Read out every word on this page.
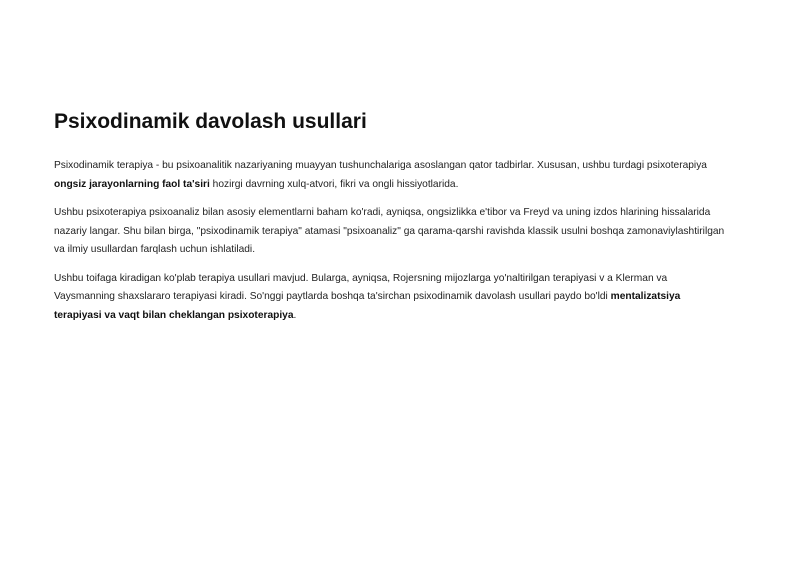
Psixodinamik davolash usullari

Psixodinamik terapiya - bu psixoanalitik nazariyaning muayyan tushunchalariga asoslangan qator tadbirlar. Xususan, ushbu turdagi psixoterapiya ongsiz jarayonlarning faol ta'siri hozirgi davrning xulq-atvori, fikri va ongli hissiyotlarida.

Ushbu psixoterapiya psixoanaliz bilan asosiy elementlarni baham ko'radi, ayniqsa, ongsizlikka e'tibor va Freyd va uning izdos hlarining hissalarida nazariy langar. Shu bilan birga, "psixodinamik terapiya" atamasi "psixoanaliz" ga qarama-qarshi ravishda klassik usulni boshqa zamonaviylashtirilgan va ilmiy usullardan farqlash uchun ishlatiladi.

Ushbu toifaga kiradigan ko'plab terapiya usullari mavjud. Bularga, ayniqsa, Rojersning mijozlarga yo'naltirilgan terapiyasi v a Klerman va Vaysmanning shaxslararo terapiyasi kiradi. So'nggi paytlarda boshqa ta'sirchan psixodinamik davolash usullari paydo bo'ldi mentalizatsiya terapiyasi va vaqt bilan cheklangan psixoterapiya.
